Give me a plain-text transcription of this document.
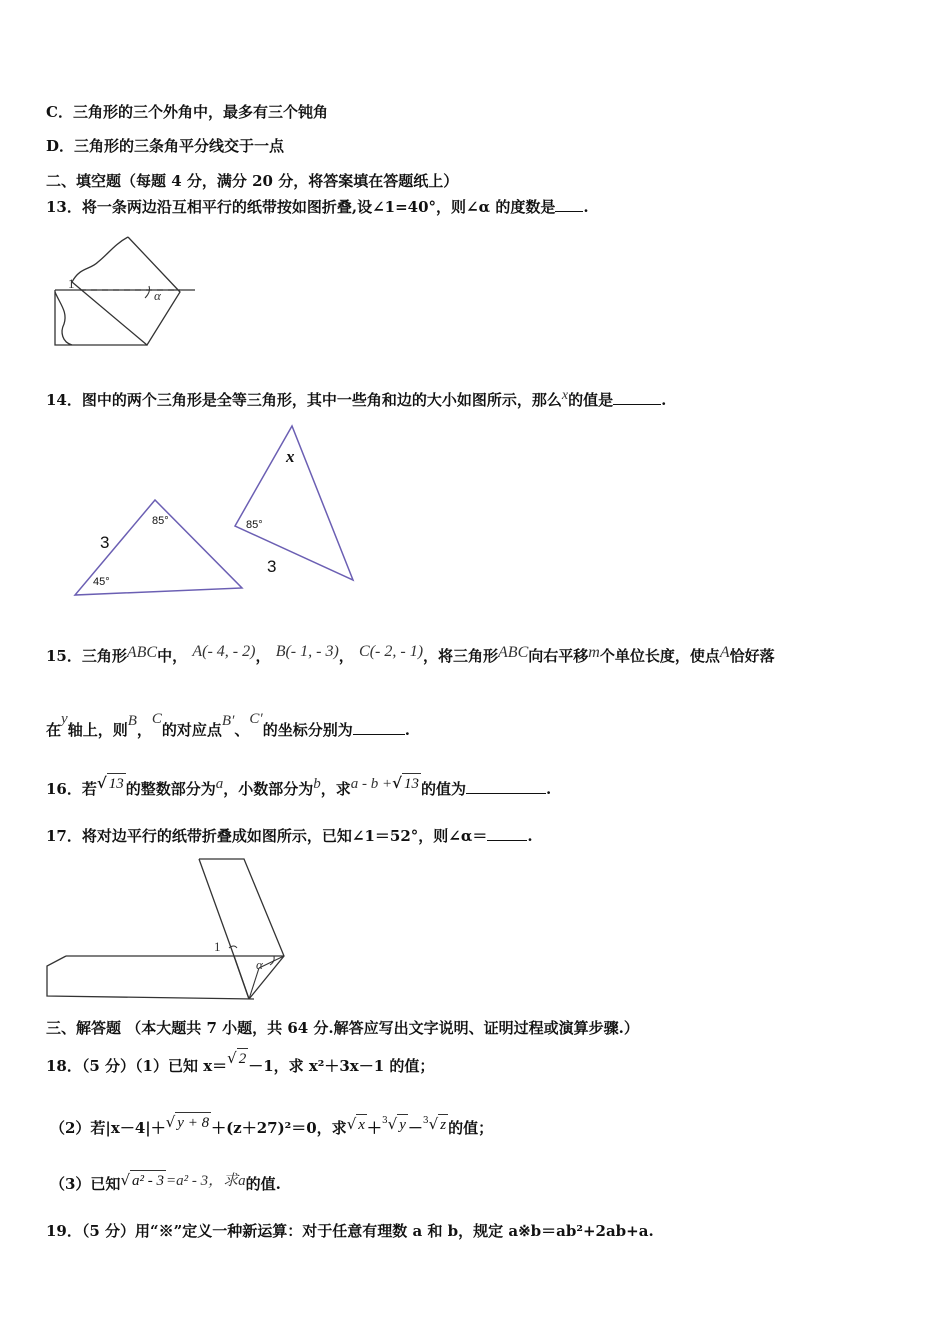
C．三角形的三个外角中，最多有三个钝角
D．三角形的三条角平分线交于一点
二、填空题（每题 4 分，满分 20 分，将答案填在答题纸上）
13．将一条两边沿互相平行的纸带按如图折叠,设∠1=40°，则∠α 的度数是 .
1
α
14．图中的两个三角形是全等三角形，其中一些角和边的大小如图所示，那么x的值是	.
3
85°
45°
x
85°
3
15．三角形ABC中， A(- 4, - 2)， B(- 1, - 3)， C(- 2, - 1)，将三角形ABC向右平移m个单位长度，使点A恰好落
在y轴上，则B，C的对应点B′、C′的坐标分别为	.
16．若√ 13 的整数部分为a，小数部分为b，求a - b +√ 13 的值为	.
17．将对边平行的纸带折叠成如图所示，已知∠1＝52°，则∠α＝	.
1
α
三、解答题 （本大题共 7 小题，共 64 分.解答应写出文字说明、证明过程或演算步骤.）
18．（5 分）（1）已知 x＝√ 2 －1，求 x²＋3x－1 的值；
（2）若|x－4|＋√ y + 8 ＋(z＋27)²＝0，求√ x ＋$^3$√ y －$^3$√ z 的值；
（3）已知√ a² - 3 =a² - 3，求a的值.
19．（5 分）用“※”定义一种新运算：对于任意有理数 a 和 b，规定 a※b＝ab²+2ab+a.
